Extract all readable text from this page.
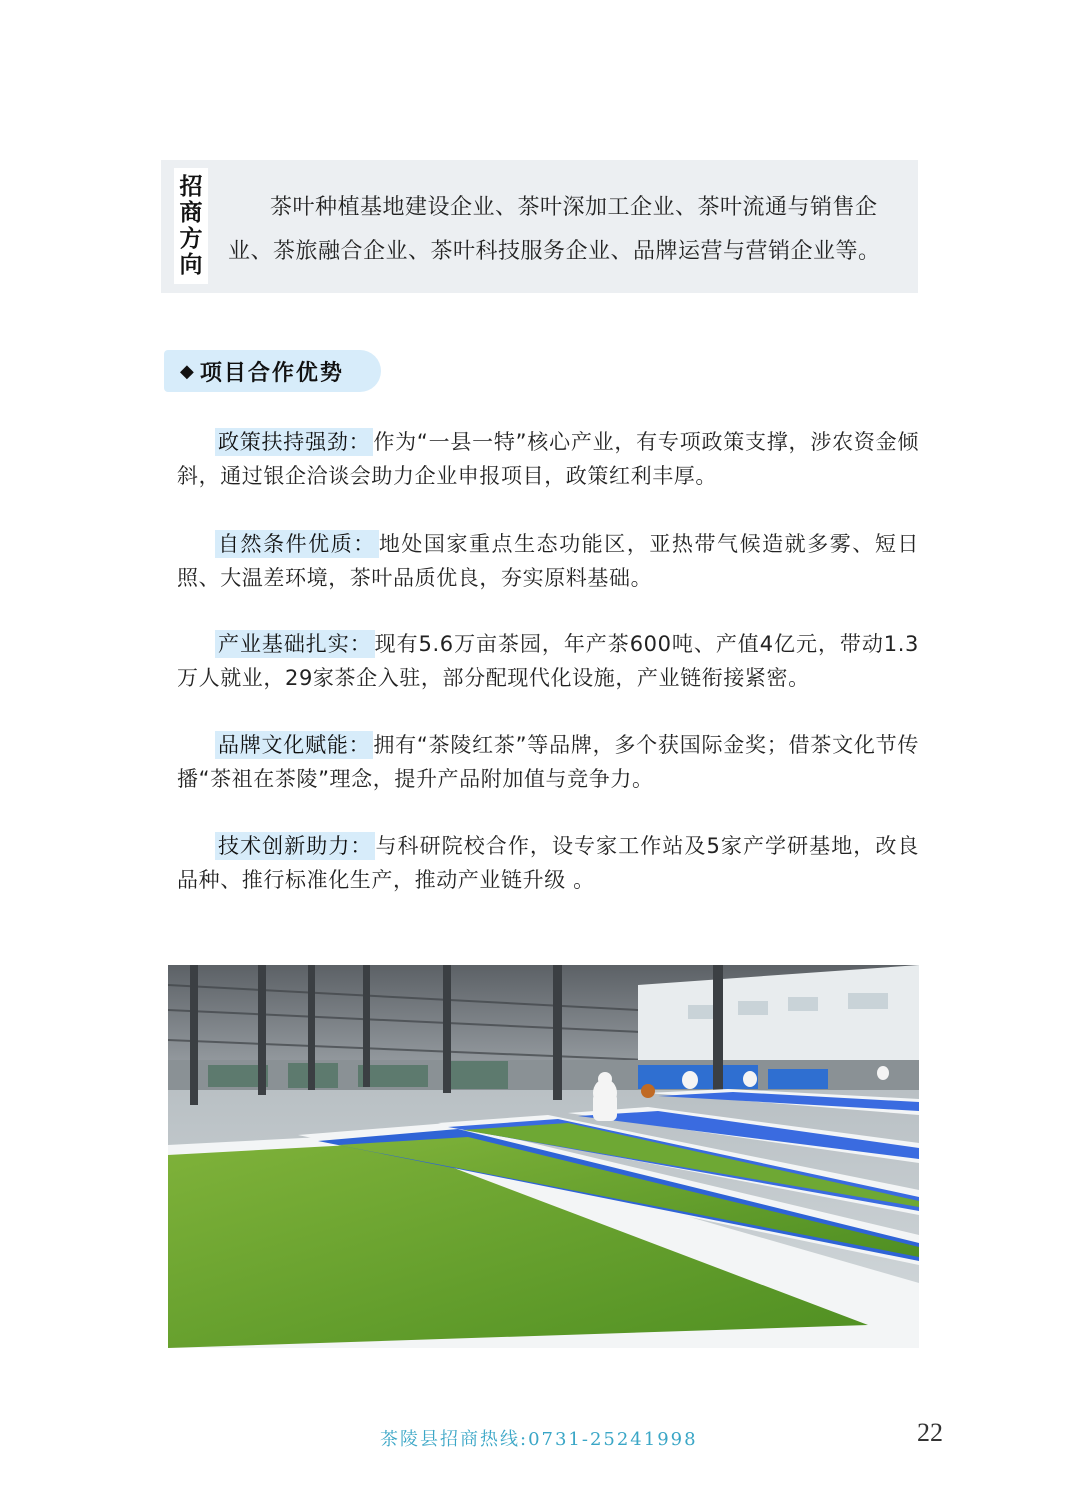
招
商
方
向
茶叶种植基地建设企业、茶叶深加工企业、茶叶流通与销售企业、茶旅融合企业、茶叶科技服务企业、品牌运营与营销企业等。
◆ 项目合作优势
政策扶持强劲： 作为“一县一特”核心产业，有专项政策支撑，涉农资金倾斜，通过银企洽谈会助力企业申报项目，政策红利丰厚。
自然条件优质： 地处国家重点生态功能区，亚热带气候造就多雾、短日照、大温差环境，茶叶品质优良，夯实原料基础。
产业基础扎实： 现有5.6万亩茶园，年产茶600吨、产值4亿元，带动1.3万人就业，29家茶企入驻，部分配现代化设施，产业链衔接紧密。
品牌文化赋能： 拥有“茶陵红茶”等品牌，多个获国际金奖；借茶文化节传播“茶祖在茶陵”理念，提升产品附加值与竞争力。
技术创新助力： 与科研院校合作，设专家工作站及5家产学研基地，改良品种、推行标准化生产，推动产业链升级 。
茶陵县招商热线:0731-25241998	22
